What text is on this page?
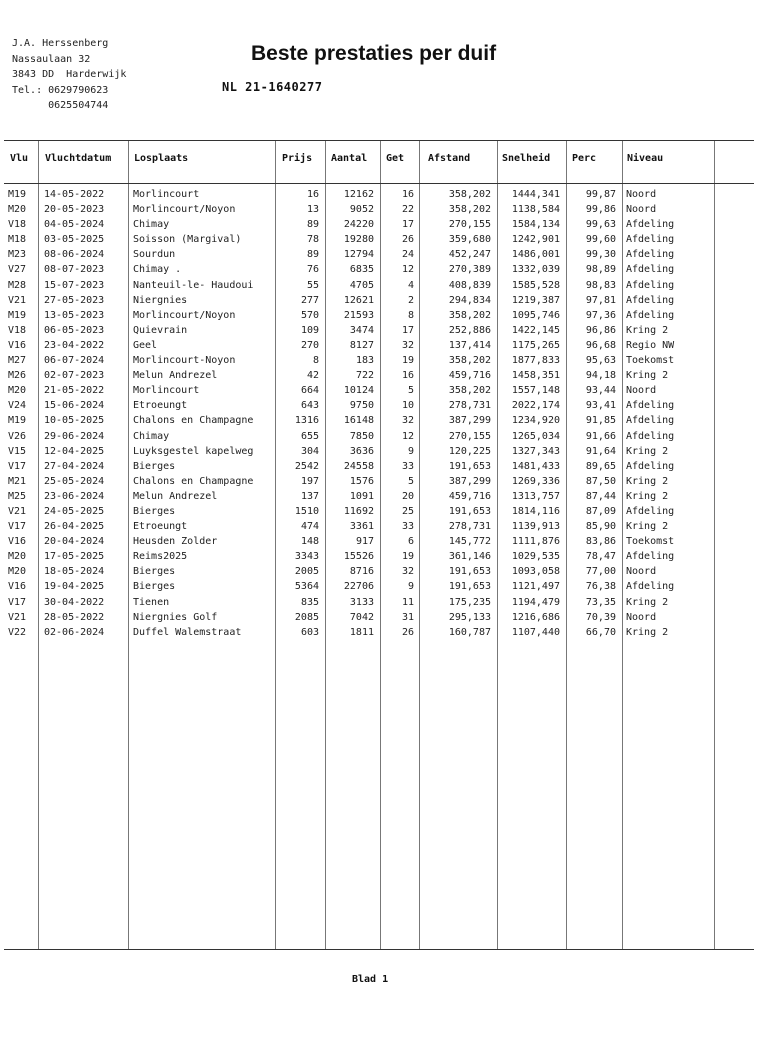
J.A. Herssenberg
Nassaulaan 32
3843 DD  Harderwijk
Tel.: 0629790623
0625504744
Beste prestaties per duif
NL 21-1640277
Vlu Vluchtdatum Losplaats	Prijs Aantal Get Afstand	Snelheid Perc	Niveau
M19	14-05-2022	Morlincourt	16	12162	16	358,202	1444,341	99,87 Noord
M20	20-05-2023	Morlincourt/Noyon	13	9052	22	358,202	1138,584	99,86 Noord
V18	04-05-2024	Chimay	89	24220	17	270,155	1584,134	99,63 Afdeling
M18	03-05-2025	Soisson (Margival)	78	19280	26	359,680	1242,901	99,60 Afdeling
M23	08-06-2024	Sourdun	89	12794	24	452,247	1486,001	99,30 Afdeling
V27	08-07-2023	Chimay .	76	6835	12	270,389	1332,039	98,89 Afdeling
M28	15-07-2023	Nanteuil-le- Haudoui	55	4705	4	408,839	1585,528	98,83 Afdeling
V21	27-05-2023	Niergnies	277	12621	2	294,834	1219,387	97,81 Afdeling
M19	13-05-2023	Morlincourt/Noyon	570	21593	8	358,202	1095,746	97,36 Afdeling
V18	06-05-2023	Quievrain	109	3474	17	252,886	1422,145	96,86 Kring 2
V16	23-04-2022	Geel	270	8127	32	137,414	1175,265	96,68 Regio NW
M27	06-07-2024	Morlincourt-Noyon	8	183	19	358,202	1877,833	95,63 Toekomst
M26	02-07-2023	Melun Andrezel	42	722	16	459,716	1458,351	94,18 Kring 2
M20	21-05-2022	Morlincourt	664	10124	5	358,202	1557,148	93,44 Noord
V24	15-06-2024	Etroeungt	643	9750	10	278,731	2022,174	93,41 Afdeling
M19	10-05-2025	Chalons en Champagne	1316	16148	32	387,299	1234,920	91,85 Afdeling
V26	29-06-2024	Chimay	655	7850	12	270,155	1265,034	91,66 Afdeling
V15	12-04-2025	Luyksgestel kapelweg	304	3636	9	120,225	1327,343	91,64 Kring 2
V17	27-04-2024	Bierges	2542	24558	33	191,653	1481,433	89,65 Afdeling
M21	25-05-2024	Chalons en Champagne	197	1576	5	387,299	1269,336	87,50 Kring 2
M25	23-06-2024	Melun Andrezel	137	1091	20	459,716	1313,757	87,44 Kring 2
V21	24-05-2025	Bierges	1510	11692	25	191,653	1814,116	87,09 Afdeling
V17	26-04-2025	Etroeungt	474	3361	33	278,731	1139,913	85,90 Kring 2
V16	20-04-2024	Heusden Zolder	148	917	6	145,772	1111,876	83,86 Toekomst
M20	17-05-2025	Reims2025	3343	15526	19	361,146	1029,535	78,47 Afdeling
M20	18-05-2024	Bierges	2005	8716	32	191,653	1093,058	77,00 Noord
V16	19-04-2025	Bierges	5364	22706	9	191,653	1121,497	76,38 Afdeling
V17	30-04-2022	Tienen	835	3133	11	175,235	1194,479	73,35 Kring 2
V21	28-05-2022	Niergnies Golf	2085	7042	31	295,133	1216,686	70,39 Noord
V22	02-06-2024	Duffel Walemstraat	603	1811	26	160,787	1107,440	66,70 Kring 2
Blad 1
